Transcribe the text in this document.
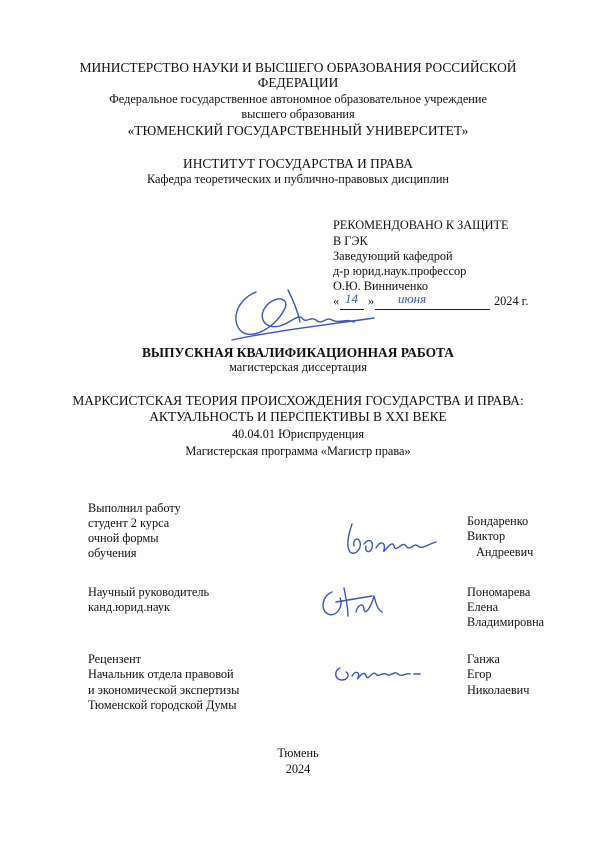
МИНИСТЕРСТВО НАУКИ И ВЫСШЕГО ОБРАЗОВАНИЯ РОССИЙСКОЙ
ФЕДЕРАЦИИ
Федеральное государственное автономное образовательное учреждение
высшего образования
«ТЮМЕНСКИЙ ГОСУДАРСТВЕННЫЙ УНИВЕРСИТЕТ»
ИНСТИТУТ ГОСУДАРСТВА И ПРАВА
Кафедра теоретических и публично-правовых дисциплин
РЕКОМЕНДОВАНО К ЗАЩИТЕ
В ГЭК
Заведующий кафедрой
д-р юрид.наук.профессор
О.Ю. Винниченко
« 14 » июня	2024 г.
ВЫПУСКНАЯ КВАЛИФИКАЦИОННАЯ РАБОТА
магистерская диссертация
МАРКСИСТСКАЯ ТЕОРИЯ ПРОИСХОЖДЕНИЯ ГОСУДАРСТВА И ПРАВА:
АКТУАЛЬНОСТЬ И ПЕРСПЕКТИВЫ В XXI ВЕКЕ
40.04.01 Юриспруденция
Магистерская программа «Магистр права»
Выполнил работу
студент 2 курса
очной формы
обучения
Бондаренко
Виктор
Андреевич
Научный руководитель
канд.юрид.наук
Пономарева
Елена
Владимировна
Рецензент
Начальник отдела правовой
и экономической экспертизы
Тюменской городской Думы
Ганжа
Егор
Николаевич
Тюмень
2024
